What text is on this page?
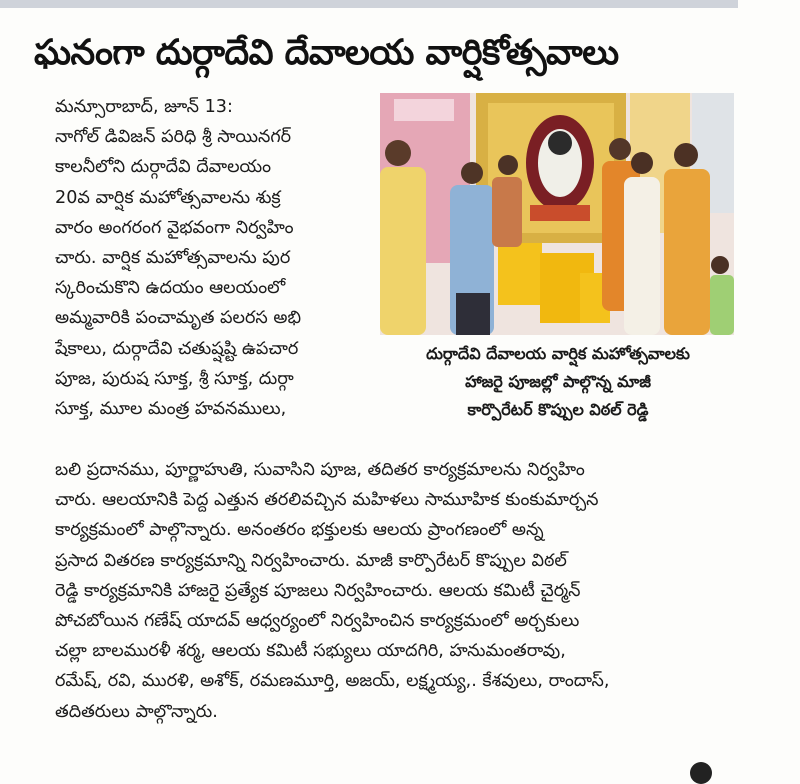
ఘనంగా దుర్గాదేవి దేవాలయ వార్షికోత్సవాలు
మన్సూరాబాద్, జూన్ 13:
నాగోల్ డివిజన్ పరిధి శ్రీ సాయినగర్
కాలనీలోని దుర్గాదేవి దేవాలయం
20వ వార్షిక మహోత్సవాలను శుక్ర
వారం అంగరంగ వైభవంగా నిర్వహిం
చారు. వార్షిక మహోత్సవాలను పుర
స్కరించుకొని ఉదయం ఆలయంలో
అమ్మవారికి పంచామృత పలరస అభి
షేకాలు, దుర్గాదేవి చతుష్షష్టి ఉపచార
పూజ, పురుష సూక్త, శ్రీ సూక్త, దుర్గా
సూక్త, మూల మంత్ర హవనములు,
దుర్గాదేవి దేవాలయ వార్షిక మహోత్సవాలకు
హాజరై పూజల్లో పాల్గొన్న మాజీ
కార్పొరేటర్ కొప్పుల విఠల్ రెడ్డి
బలి ప్రదానము, పూర్ణాహుతి, సువాసిని పూజ, తదితర కార్యక్రమాలను నిర్వహిం
చారు. ఆలయానికి పెద్ద ఎత్తున తరలివచ్చిన మహిళలు సామూహిక కుంకుమార్చన
కార్యక్రమంలో పాల్గొన్నారు. అనంతరం భక్తులకు ఆలయ ప్రాంగణంలో అన్న
ప్రసాద వితరణ కార్యక్రమాన్ని నిర్వహించారు. మాజీ కార్పొరేటర్ కొప్పుల విఠల్
రెడ్డి కార్యక్రమానికి హాజరై ప్రత్యేక పూజలు నిర్వహించారు. ఆలయ కమిటీ చైర్మన్
పోచబోయిన గణేష్ యాదవ్ ఆధ్వర్యంలో నిర్వహించిన కార్యక్రమంలో అర్చకులు
చల్లా బాలమురళీ శర్మ, ఆలయ కమిటీ సభ్యులు యాదగిరి, హనుమంతరావు,
రమేష్, రవి, మురళి, అశోక్, రమణమూర్తి, అజయ్, లక్ష్మయ్య,. కేశవులు, రాందాస్,
తదితరులు పాల్గొన్నారు.
